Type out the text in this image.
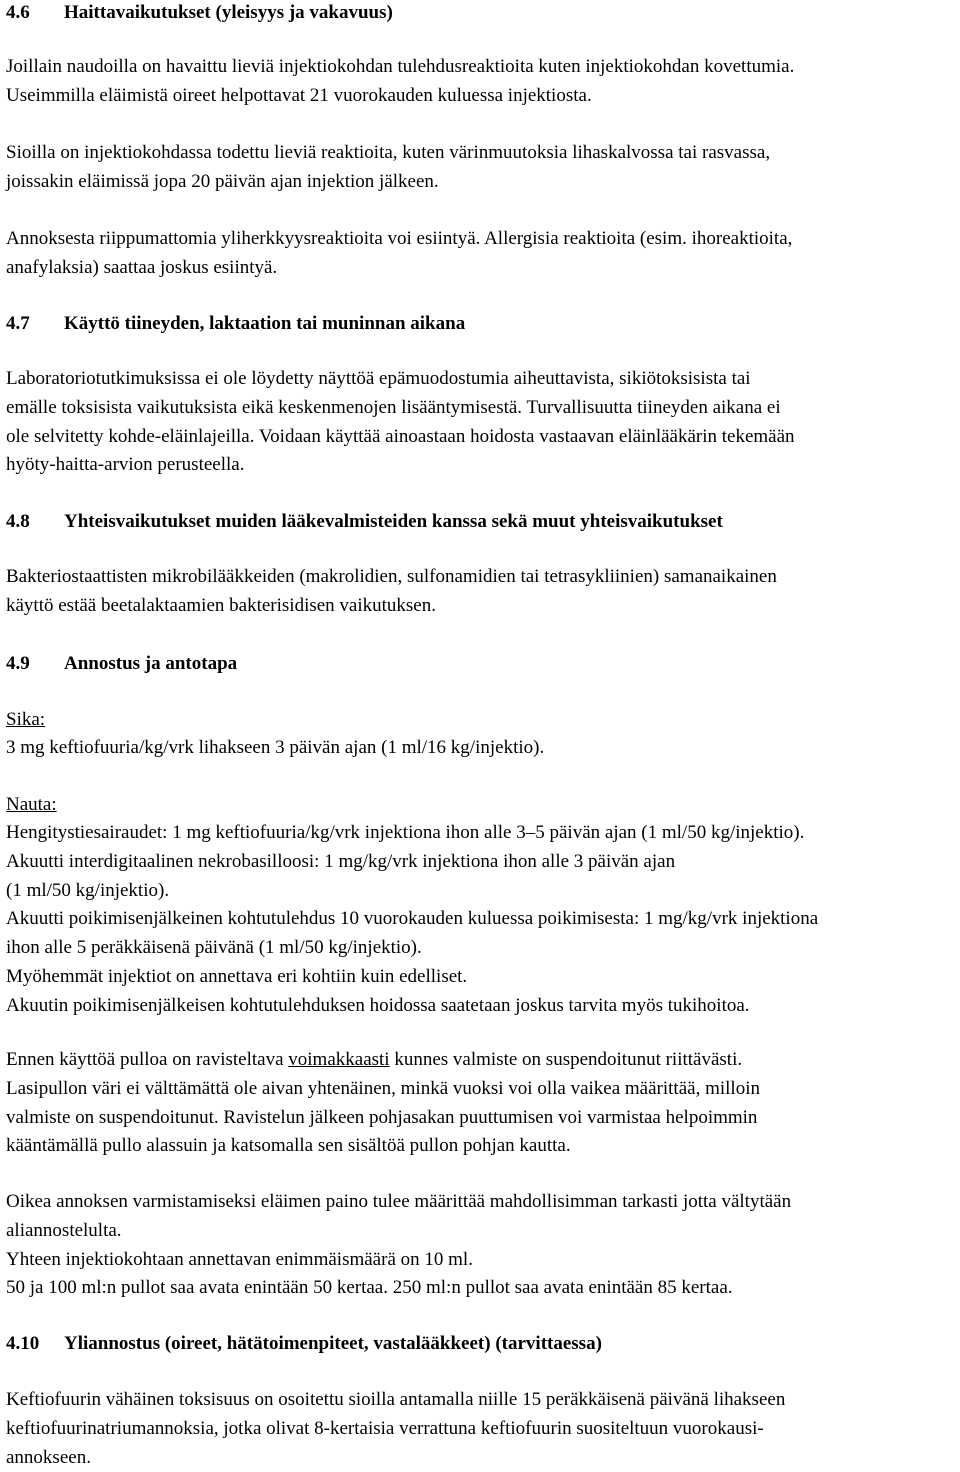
4.6 Haittavaikutukset (yleisyys ja vakavuus)
Joillain naudoilla on havaittu lieviä injektiokohdan tulehdusreaktioita kuten injektiokohdan kovettumia.
Useimmilla eläimistä oireet helpottavat 21 vuorokauden kuluessa injektiosta.
Sioilla on injektiokohdassa todettu lieviä reaktioita, kuten värinmuutoksia lihaskalvossa tai rasvassa,
joissakin eläimissä jopa 20 päivän ajan injektion jälkeen.
Annoksesta riippumattomia yliherkkyysreaktioita voi esiintyä. Allergisia reaktioita (esim. ihoreaktioita,
anafylaksia) saattaa joskus esiintyä.
4.7 Käyttö tiineyden, laktaation tai muninnan aikana
Laboratoriotutkimuksissa ei ole löydetty näyttöä epämuodostumia aiheuttavista, sikiötoksisista tai
emälle toksisista vaikutuksista eikä keskenmenojen lisääntymisestä. Turvallisuutta tiineyden aikana ei
ole selvitetty kohde-eläinlajeilla. Voidaan käyttää ainoastaan hoidosta vastaavan eläinlääkärin tekemään
hyöty-haitta-arvion perusteella.
4.8 Yhteisvaikutukset muiden lääkevalmisteiden kanssa sekä muut yhteisvaikutukset
Bakteriostaattisten mikrobilääkkeiden (makrolidien, sulfonamidien tai tetrasykliinien) samanaikainen
käyttö estää beetalaktaamien bakterisidisen vaikutuksen.
4.9 Annostus ja antotapa
Sika:
3 mg keftiofuuria/kg/vrk lihakseen 3 päivän ajan (1 ml/16 kg/injektio).
Nauta:
Hengitystiesairaudet: 1 mg keftiofuuria/kg/vrk injektiona ihon alle 3–5 päivän ajan (1 ml/50 kg/injektio).
Akuutti interdigitaalinen nekrobasilloosi: 1 mg/kg/vrk injektiona ihon alle 3 päivän ajan
(1 ml/50 kg/injektio).
Akuutti poikimisenjälkeinen kohtutulehdus 10 vuorokauden kuluessa poikimisesta: 1 mg/kg/vrk injektiona
ihon alle 5 peräkkäisenä päivänä (1 ml/50 kg/injektio).
Myöhemmät injektiot on annettava eri kohtiin kuin edelliset.
Akuutin poikimisenjälkeisen kohtutulehduksen hoidossa saatetaan joskus tarvita myös tukihoitoa.
Ennen käyttöä pulloa on ravisteltava voimakkaasti kunnes valmiste on suspendoitunut riittävästi.
Lasipullon väri ei välttämättä ole aivan yhtenäinen, minkä vuoksi voi olla vaikea määrittää, milloin
valmiste on suspendoitunut. Ravistelun jälkeen pohjasakan puuttumisen voi varmistaa helpoimmin
kääntämällä pullo alassuin ja katsomalla sen sisältöä pullon pohjan kautta.
Oikea annoksen varmistamiseksi eläimen paino tulee määrittää mahdollisimman tarkasti jotta vältytään
aliannostelulta.
Yhteen injektiokohtaan annettavan enimmäismäärä on 10 ml.
50 ja 100 ml:n pullot saa avata enintään 50 kertaa. 250 ml:n pullot saa avata enintään 85 kertaa.
4.10 Yliannostus (oireet, hätätoimenpiteet, vastalääkkeet) (tarvittaessa)
Keftiofuurin vähäinen toksisuus on osoitettu sioilla antamalla niille 15 peräkkäisenä päivänä lihakseen
keftiofuurinatriumannoksia, jotka olivat 8-kertaisia verrattuna keftiofuurin suositeltuun vuorokausi-
annokseen.
